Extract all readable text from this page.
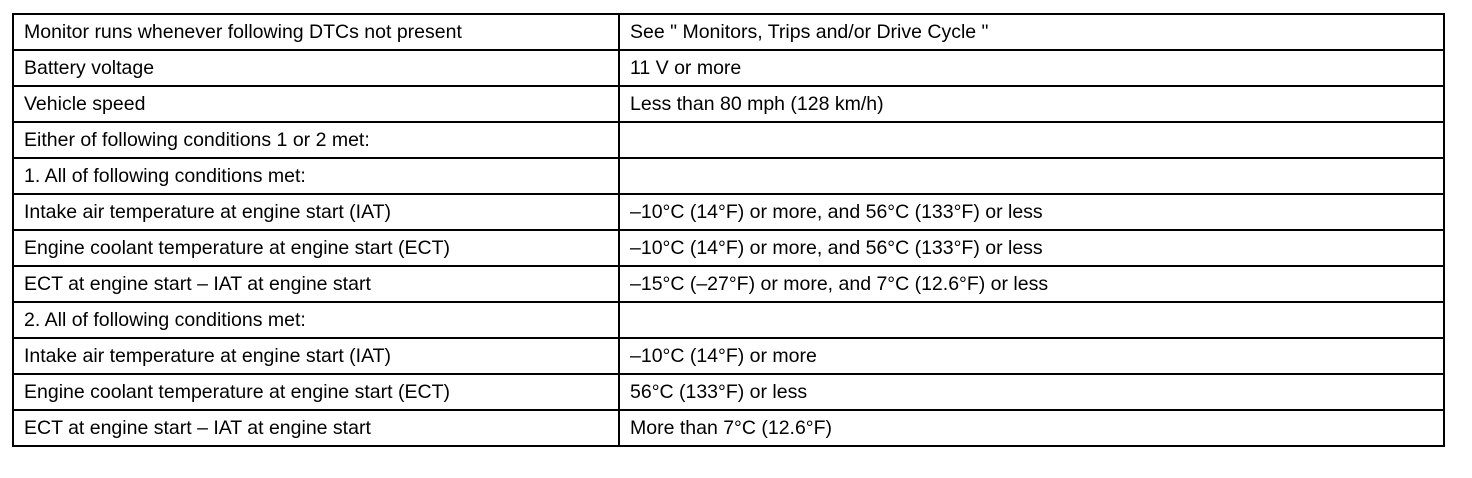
Monitor runs whenever following DTCs not present	See " Monitors, Trips and/or Drive Cycle "
Battery voltage	11 V or more
Vehicle speed	Less than 80 mph (128 km/h)
Either of following conditions 1 or 2 met:	
1. All of following conditions met:	
Intake air temperature at engine start (IAT)	–10°C (14°F) or more, and 56°C (133°F) or less
Engine coolant temperature at engine start (ECT)	–10°C (14°F) or more, and 56°C (133°F) or less
ECT at engine start – IAT at engine start	–15°C (–27°F) or more, and 7°C (12.6°F) or less
2. All of following conditions met:	
Intake air temperature at engine start (IAT)	–10°C (14°F) or more
Engine coolant temperature at engine start (ECT)	56°C (133°F) or less
ECT at engine start – IAT at engine start	More than 7°C (12.6°F)
